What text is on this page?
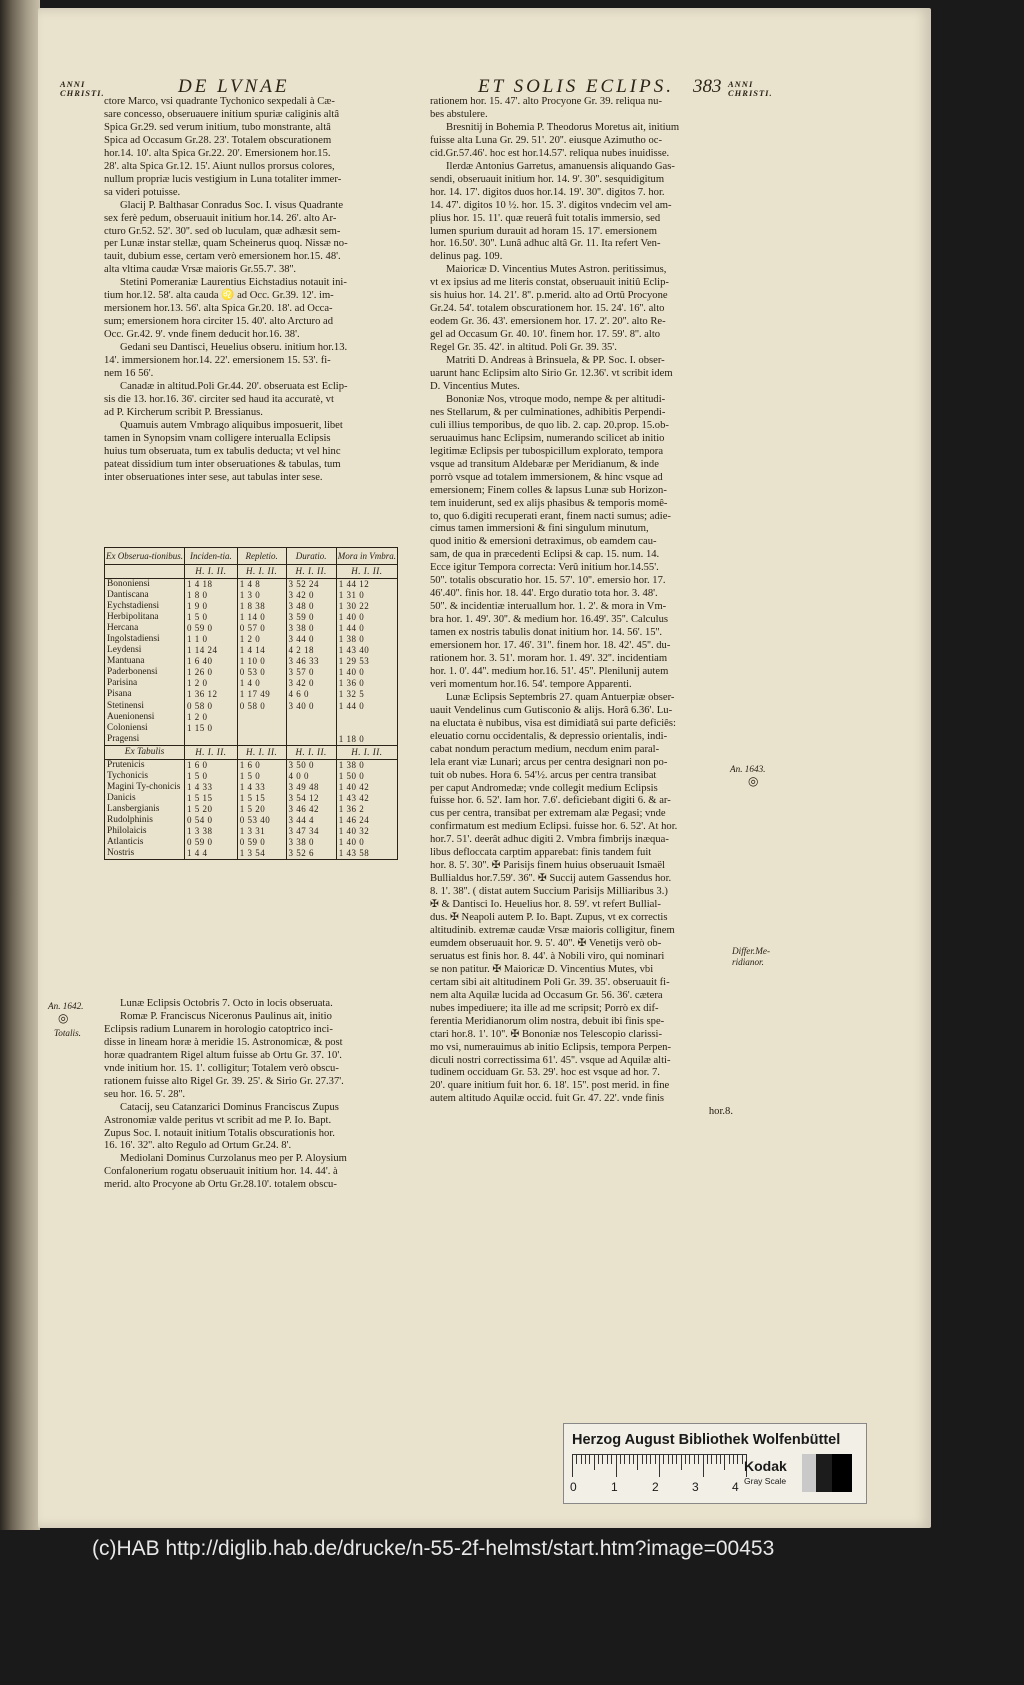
ANNI CHRISTI.	DE LVNAE	ET SOLIS ECLIPS. 383 ANNI CHRISTI.

ctore Marco, vsi quadrante Tychonico sexpedali à Cæ-

sare concesso, obseruauere initium spuriæ caliginis altâ

Spica Gr.29. sed verum initium, tubo monstrante, altâ

Spica ad Occasum Gr.28. 23'. Totalem obscurationem

hor.14. 10'. alta Spica Gr.22. 20'. Emersionem hor.15.

28'. alta Spica Gr.12. 15'. Aiunt nullos prorsus colores,

nullum propriæ lucis vestigium in Luna totaliter immer-

sa videri potuisse.

Glacij P. Balthasar Conradus Soc. I. visus Quadrante

sex ferè pedum, obseruauit initium hor.14. 26'. alto Ar-

cturo Gr.52. 52'. 30''. sed ob luculam, quæ adhæsit sem-

per Lunæ instar stellæ, quam Scheinerus quoq. Nissæ no-

tauit, dubium esse, certam verò emersionem hor.15. 48'.

alta vltima caudæ Vrsæ maioris Gr.55.7'. 38''.

Stetini Pomeraniæ Laurentius Eichstadius notauit ini-

tium hor.12. 58'. alta cauda ♌ ad Occ. Gr.39. 12'. im-

mersionem hor.13. 56'. alta Spica Gr.20. 18'. ad Occa-

sum; emersionem hora circiter 15. 40'. alto Arcturo ad

Occ. Gr.42. 9'. vnde finem deducit hor.16. 38'.

Gedani seu Dantisci, Heuelius obseru. initium hor.13.

14'. immersionem hor.14. 22'. emersionem 15. 53'. fi-

nem 16 56'.

Canadæ in altitud.Poli Gr.44. 20'. obseruata est Eclip-

sis die 13. hor.16. 36'. circiter sed haud ita accuratè, vt

ad P. Kircherum scribit P. Bressianus.

Quamuis autem Vmbrago aliquibus imposuerit, libet

tamen in Synopsim vnam colligere interualla Eclipsis

huius tum obseruata, tum ex tabulis deducta; vt vel hinc

pateat dissidium tum inter obseruationes & tabulas, tum

inter obseruationes inter sese, aut tabulas inter sese.

Ex Obserua-tionibus.	Inciden-tia.	Repletio.	Duratio.	Mora in Vmbra.
	H. I. II.	H. I. II.	H. I. II.	H. I. II.
Bononiensi	1 4 18	1 4 8	3 52 24	1 44 12
Dantiscana	1 8 0	1 3 0	3 42 0	1 31 0
Eychstadiensi	1 9 0	1 8 38	3 48 0	1 30 22
Herbipolitana	1 5 0	1 14 0	3 59 0	1 40 0
Hercana	0 59 0	0 57 0	3 38 0	1 44 0
Ingolstadiensi	1 1 0	1 2 0	3 44 0	1 38 0
Leydensi	1 14 24	1 4 14	4 2 18	1 43 40
Mantuana	1 6 40	1 10 0	3 46 33	1 29 53
Paderbonensi	1 26 0	0 53 0	3 57 0	1 40 0
Parisina	1 2 0	1 4 0	3 42 0	1 36 0
Pisana	1 36 12	1 17 49	4 6 0	1 32 5
Stetinensi	0 58 0	0 58 0	3 40 0	1 44 0

Auenionensi	1 2 0			
Coloniensi	1 15 0			
Pragensi				1 18 0
Ex Tabulis	H. I. II.	H. I. II.	H. I. II.	H. I. II.
Prutenicis	1 6 0	1 6 0	3 50 0	1 38 0
Tychonicis	1 5 0	1 5 0	4 0 0	1 50 0
Magini Ty-chonicis	1 4 33	1 4 33	3 49 48	1 40 42
Danicis	1 5 15	1 5 15	3 54 12	1 43 42
Lansbergianis	1 5 20	1 5 20	3 46 42	1 36 2
Rudolphinis	0 54 0	0 53 40	3 44 4	1 46 24
Philolaicis	1 3 38	1 3 31	3 47 34	1 40 32
Atlanticis	0 59 0	0 59 0	3 38 0	1 40 0
Nostris	1 4 4	1 3 54	3 52 6	1 43 58

Lunæ Eclipsis Octobris 7. Octo in locis obseruata.

Romæ P. Franciscus Niceronus Paulinus ait, initio

Eclipsis radium Lunarem in horologio catoptrico inci-

disse in lineam horæ à meridie 15. Astronomicæ, & post

horæ quadrantem Rigel altum fuisse ab Ortu Gr. 37. 10'.

vnde initium hor. 15. 1'. colligitur; Totalem verò obscu-

rationem fuisse alto Rigel Gr. 39. 25'. & Sirio Gr. 27.37'.

seu hor. 16. 5'. 28''.

Catacij, seu Catanzarici Dominus Franciscus Zupus

Astronomiæ valde peritus vt scribit ad me P. Io. Bapt.

Zupus Soc. I. notauit initium Totalis obscurationis hor.

16. 16'. 32''. alto Regulo ad Ortum Gr.24. 8'.

Mediolani Dominus Curzolanus meo per P. Aloysium

Confalonerium rogatu obseruauit initium hor. 14. 44'. à

merid. alto Procyone ab Ortu Gr.28.10'. totalem obscu-

An. 1642.
◎
Totalis.

rationem hor. 15. 47'. alto Procyone Gr. 39. reliqua nu-

bes abstulere.

Bresnitij in Bohemia P. Theodorus Moretus ait, initium

fuisse alta Luna Gr. 29. 51'. 20''. eiusque Azimutho oc-

cid.Gr.57.46'. hoc est hor.14.57'. reliqua nubes inuidisse.

Ilerdæ Antonius Garretus, amanuensis aliquando Gas-

sendi, obseruauit initium hor. 14. 9'. 30''. sesquidigitum

hor. 14. 17'. digitos duos hor.14. 19'. 30''. digitos 7. hor.

14. 47'. digitos 10 ½. hor. 15. 3'. digitos vndecim vel am-

plius hor. 15. 11'. quæ reuerâ fuit totalis immersio, sed

lumen spurium durauit ad horam 15. 17'. emersionem

hor. 16.50'. 30''. Lunâ adhuc altâ Gr. 11. Ita refert Ven-

delinus pag. 109.

Maioricæ D. Vincentius Mutes Astron. peritissimus,

vt ex ipsius ad me literis constat, obseruauit initiû Eclip-

sis huius hor. 14. 21'. 8''. p.merid. alto ad Ortû Procyone

Gr.24. 54'. totalem obscurationem hor. 15. 24'. 16''. alto

eodem Gr. 36. 43'. emersionem hor. 17. 2'. 20''. alto Re-

gel ad Occasum Gr. 40. 10'. finem hor. 17. 59'. 8''. alto

Regel Gr. 35. 42'. in altitud. Poli Gr. 39. 35'.

Matriti D. Andreas à Brinsuela, & PP. Soc. I. obser-

uarunt hanc Eclipsim alto Sirio Gr. 12.36'. vt scribit idem

D. Vincentius Mutes.

Bononiæ Nos, vtroque modo, nempe & per altitudi-

nes Stellarum, & per culminationes, adhibitis Perpendi-

culi illius temporibus, de quo lib. 2. cap. 20.prop. 15.ob-

seruauimus hanc Eclipsim, numerando scilicet ab initio

legitimæ Eclipsis per tubospicillum explorato, tempora

vsque ad transitum Aldebaræ per Meridianum, & inde

porrò vsque ad totalem immersionem, & hinc vsque ad

emersionem; Finem colles & lapsus Lunæ sub Horizon-

tem inuiderunt, sed ex alijs phasibus & temporis momê-

to, quo 6.digiti recuperati erant, finem nacti sumus; adie-

cimus tamen immersioni & fini singulum minutum,

quod initio & emersioni detraximus, ob eamdem cau-

sam, de qua in præcedenti Eclipsi & cap. 15. num. 14.

Ecce igitur Tempora correcta: Verû initium hor.14.55'.

50''. totalis obscuratio hor. 15. 57'. 10''. emersio hor. 17.

46'.40''. finis hor. 18. 44'. Ergo duratio tota hor. 3. 48'.

50''. & incidentiæ interuallum hor. 1. 2'. & mora in Vm-

bra hor. 1. 49'. 30''. & medium hor. 16.49'. 35''. Calculus

tamen ex nostris tabulis donat initium hor. 14. 56'. 15''.

emersionem hor. 17. 46'. 31''. finem hor. 18. 42'. 45''. du-

rationem hor. 3. 51'. moram hor. 1. 49'. 32''. incidentiam

hor. 1. 0'. 44''. medium hor.16. 51'. 45''. Plenilunij autem

veri momentum hor.16. 54'. tempore Apparenti.

Lunæ Eclipsis Septembris 27. quam Antuerpiæ obser-

uauit Vendelinus cum Gutisconio & alijs. Horâ 6.36'. Lu-

na eluctata è nubibus, visa est dimidiatâ sui parte deficiês:

eleuatio cornu occidentalis, & depressio orientalis, indi-

cabat nondum peractum medium, necdum enim paral-

lela erant viæ Lunari; arcus per centra designari non po-

tuit ob nubes. Hora 6. 54'½. arcus per centra transibat

per caput Andromedæ; vnde collegit medium Eclipsis

fuisse hor. 6. 52'. Iam hor. 7.6'. deficiebant digiti 6. & ar-

cus per centra, transibat per extremam alæ Pegasi; vnde

confirmatum est medium Eclipsi. fuisse hor. 6. 52'. At hor.

hor.7. 51'. deerât adhuc digiti 2. Vmbra fimbrijs inæqua-

libus defloccata carptim apparebat: finis tandem fuit

hor. 8. 5'. 30''. ✠ Parisijs finem huius obseruauit Ismaël

Bullialdus hor.7.59'. 36''. ✠ Succij autem Gassendus hor.

8. 1'. 38''. ( distat autem Succium Parisijs Milliaribus 3.)

✠ & Dantisci Io. Heuelius hor. 8. 59'. vt refert Bullial-

dus. ✠ Neapoli autem P. Io. Bapt. Zupus, vt ex correctis

altitudinib. extremæ caudæ Vrsæ maioris colligitur, finem

eumdem obseruauit hor. 9. 5'. 40''. ✠ Venetijs verò ob-

seruatus est finis hor. 8. 44'. à Nobili viro, qui nominari

se non patitur. ✠ Maioricæ D. Vincentius Mutes, vbi

certam sibi ait altitudinem Poli Gr. 39. 35'. obseruauit fi-

nem alta Aquilæ lucida ad Occasum Gr. 56. 36'. cætera

nubes impediuere; ita ille ad me scripsit; Porrò ex dif-

ferentia Meridianorum olim nostra, debuit ibi finis spe-

ctari hor.8. 1'. 10''. ✠ Bononiæ nos Telescopio clarissi-

mo vsi, numerauimus ab initio Eclipsis, tempora Perpen-

diculi nostri correctissima 61'. 45''. vsque ad Aquilæ alti-

tudinem occiduam Gr. 53. 29'. hoc est vsque ad hor. 7.

20'. quare initium fuit hor. 6. 18'. 15''. post merid. in fine

autem altitudo Aquilæ occid. fuit Gr. 47. 22'. vnde finis

hor.8.

An. 1643.
◎
Differ.Me-ridianor.
Herzog August Bibliothek Wolfenbüttel
0	1	2	3	4
Kodak
Gray Scale
(c)HAB http://diglib.hab.de/drucke/n-55-2f-helmst/start.htm?image=00453
